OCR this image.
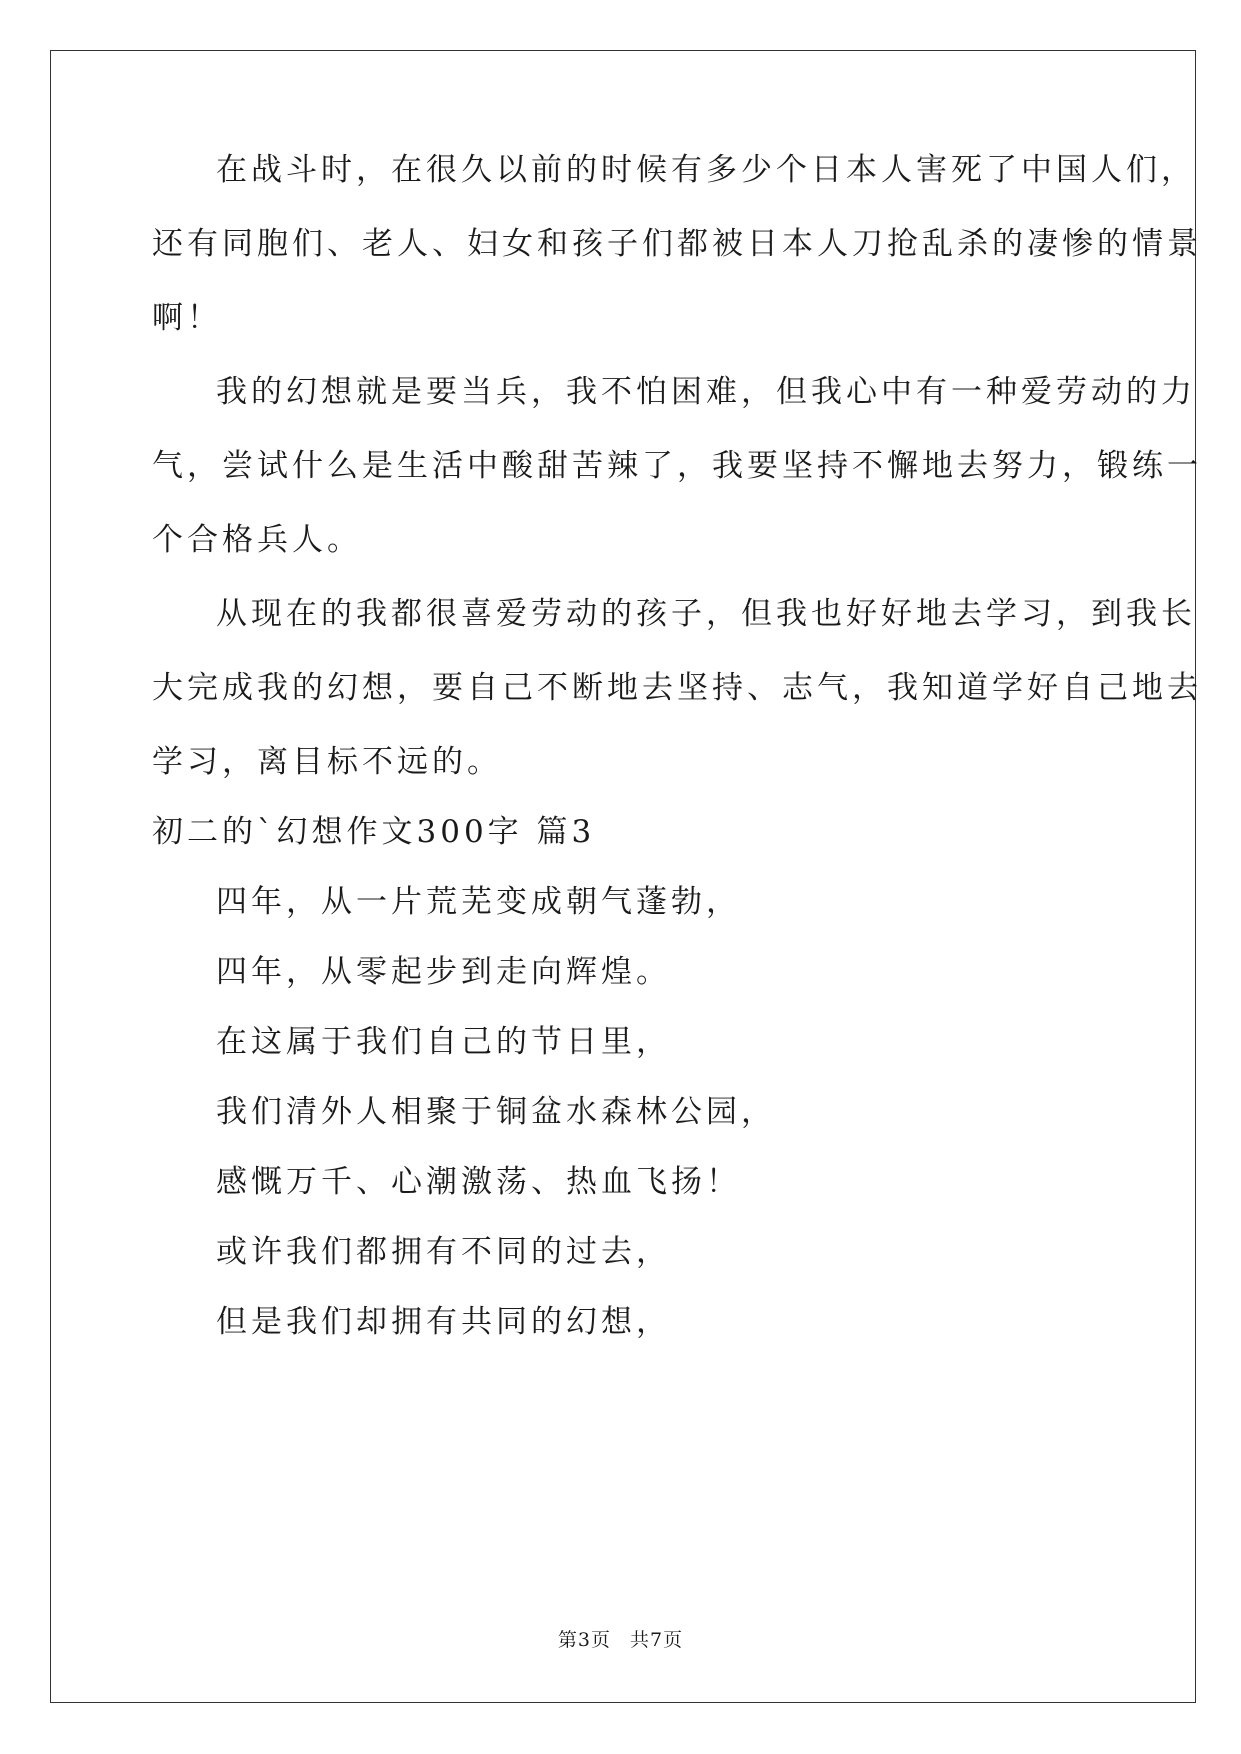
在战斗时，在很久以前的时候有多少个日本人害死了中国人们，
还有同胞们、老人、妇女和孩子们都被日本人刀抢乱杀的凄惨的情景
啊！
我的幻想就是要当兵，我不怕困难，但我心中有一种爱劳动的力
气，尝试什么是生活中酸甜苦辣了，我要坚持不懈地去努力，锻练一
个合格兵人。
从现在的我都很喜爱劳动的孩子，但我也好好地去学习，到我长
大完成我的幻想，要自己不断地去坚持、志气，我知道学好自己地去
学习，离目标不远的。
初二的`幻想作文300字 篇3
四年，从一片荒芜变成朝气蓬勃，
四年，从零起步到走向辉煌。
在这属于我们自己的节日里，
我们清外人相聚于铜盆水森林公园，
感慨万千、心潮激荡、热血飞扬！
或许我们都拥有不同的过去，
但是我们却拥有共同的幻想，
第3页 共7页
